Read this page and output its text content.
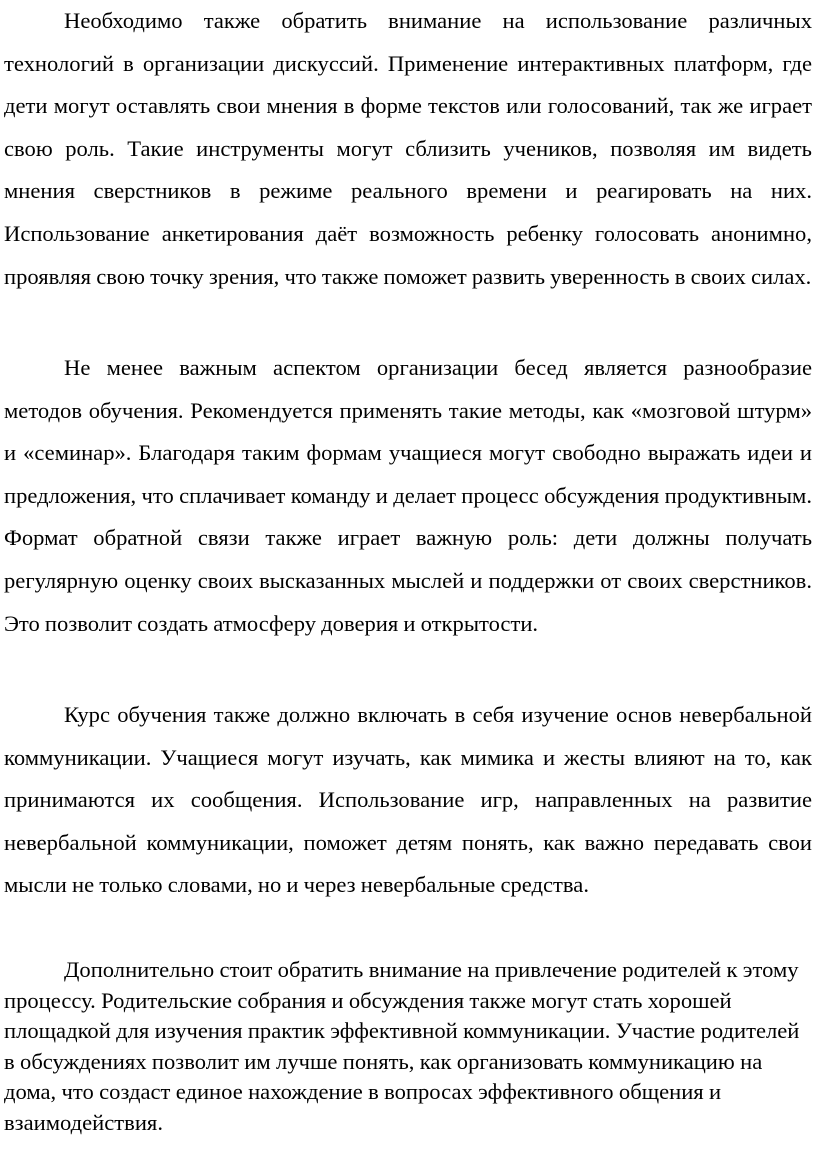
Необходимо также обратить внимание на использование различных технологий в организации дискуссий. Применение интерактивных платформ, где дети могут оставлять свои мнения в форме текстов или голосований, так же играет свою роль. Такие инструменты могут сблизить учеников, позволяя им видеть мнения сверстников в режиме реального времени и реагировать на них. Использование анкетирования даёт возможность ребенку голосовать анонимно, проявляя свою точку зрения, что также поможет развить уверенность в своих силах.

Не менее важным аспектом организации бесед является разнообразие методов обучения. Рекомендуется применять такие методы, как «мозговой штурм» и «семинар». Благодаря таким формам учащиеся могут свободно выражать идеи и предложения, что сплачивает команду и делает процесс обсуждения продуктивным. Формат обратной связи также играет важную роль: дети должны получать регулярную оценку своих высказанных мыслей и поддержки от своих сверстников. Это позволит создать атмосферу доверия и открытости.

Курс обучения также должно включать в себя изучение основ невербальной коммуникации. Учащиеся могут изучать, как мимика и жесты влияют на то, как принимаются их сообщения. Использование игр, направленных на развитие невербальной коммуникации, поможет детям понять, как важно передавать свои мысли не только словами, но и через невербальные средства.

Дополнительно стоит обратить внимание на привлечение родителей к этому процессу. Родительские собрания и обсуждения также могут стать хорошей площадкой для изучения практик эффективной коммуникации. Участие родителей в обсуждениях позволит им лучше понять, как организовать коммуникацию на дома, что создаст единое нахождение в вопросах эффективного общения и взаимодействия.
